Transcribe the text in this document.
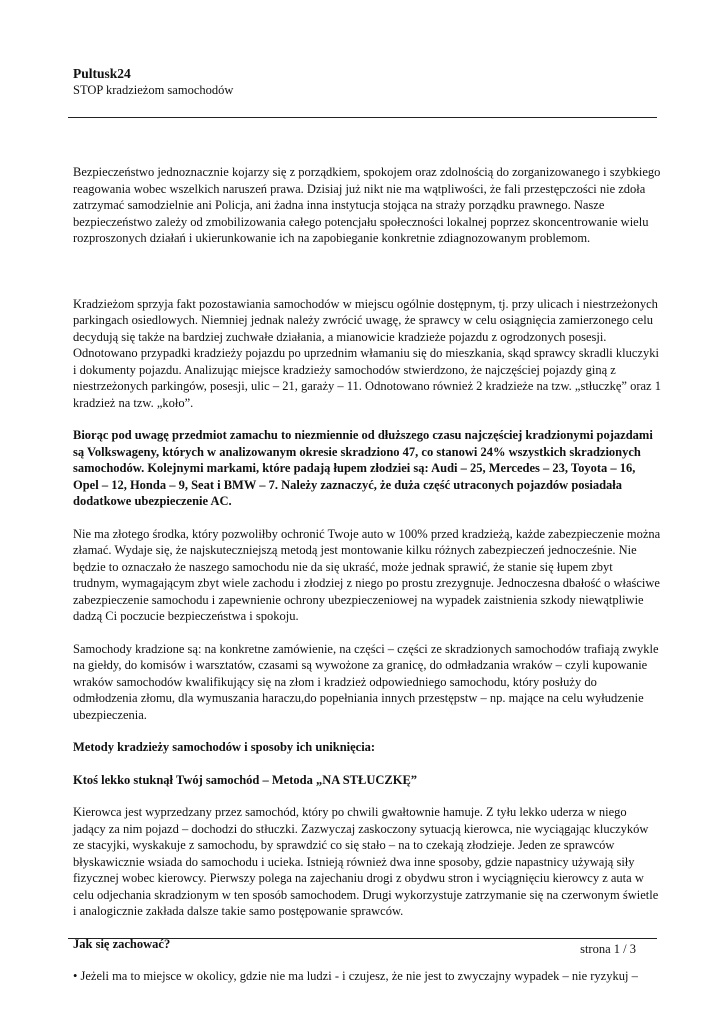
Pultusk24
STOP kradzieżom samochodów

Bezpieczeństwo jednoznacznie kojarzy się z porządkiem, spokojem oraz zdolnością do zorganizowanego i szybkiego reagowania wobec wszelkich naruszeń prawa. Dzisiaj już nikt nie ma wątpliwości, że fali przestępczości nie zdoła zatrzymać samodzielnie ani Policja, ani żadna inna instytucja stojąca na straży porządku prawnego. Nasze bezpieczeństwo zależy od zmobilizowania całego potencjału społeczności lokalnej poprzez skoncentrowanie wielu rozproszonych działań i ukierunkowanie ich na zapobieganie konkretnie zdiagnozowanym problemom.

Kradzieżom sprzyja fakt pozostawiania samochodów w miejscu ogólnie dostępnym, tj. przy ulicach i niestrzeżonych parkingach osiedlowych. Niemniej jednak należy zwrócić uwagę, że sprawcy w celu osiągnięcia zamierzonego celu decydują się także na bardziej zuchwałe działania, a mianowicie kradzieże pojazdu z ogrodzonych posesji. Odnotowano przypadki kradzieży pojazdu po uprzednim włamaniu się do mieszkania, skąd sprawcy skradli kluczyki i dokumenty pojazdu. Analizując miejsce kradzieży samochodów stwierdzono, że najczęściej pojazdy giną z niestrzeżonych parkingów, posesji, ulic – 21, garaży – 11. Odnotowano również 2 kradzieże na tzw. „stłuczkę” oraz 1 kradzież na tzw. „koło”.

Biorąc pod uwagę przedmiot zamachu to niezmiennie od dłuższego czasu najczęściej kradzionymi pojazdami są Volkswageny, których w analizowanym okresie skradziono 47, co stanowi 24% wszystkich skradzionych samochodów. Kolejnymi markami, które padają łupem złodziei są: Audi – 25, Mercedes – 23, Toyota – 16, Opel – 12, Honda – 9, Seat i BMW – 7. Należy zaznaczyć, że duża część utraconych pojazdów posiadała dodatkowe ubezpieczenie AC.

Nie ma złotego środka, który pozwoliłby ochronić Twoje auto w 100% przed kradzieżą, każde zabezpieczenie można złamać. Wydaje się, że najskuteczniejszą metodą jest montowanie kilku różnych zabezpieczeń jednocześnie. Nie będzie to oznaczało że naszego samochodu nie da się ukraść, może jednak sprawić, że stanie się łupem zbyt trudnym, wymagającym zbyt wiele zachodu i złodziej z niego po prostu zrezygnuje. Jednoczesna dbałość o właściwe zabezpieczenie samochodu i zapewnienie ochrony ubezpieczeniowej na wypadek zaistnienia szkody niewątpliwie dadzą Ci poczucie bezpieczeństwa i spokoju.

Samochody kradzione są: na konkretne zamówienie, na części – części ze skradzionych samochodów trafiają zwykle na giełdy, do komisów i warsztatów, czasami są wywożone za granicę, do odmładzania wraków – czyli kupowanie wraków samochodów kwalifikujący się na złom i kradzież odpowiedniego samochodu, który posłuży do odmłodzenia złomu, dla wymuszania haraczu,do popełniania innych przestępstw – np. mające na celu wyłudzenie ubezpieczenia.

Metody kradzieży samochodów i sposoby ich uniknięcia:
Ktoś lekko stuknął Twój samochód – Metoda „NA STŁUCZKĘ”

Kierowca jest wyprzedzany przez samochód, który po chwili gwałtownie hamuje. Z tyłu lekko uderza w niego jadący za nim pojazd – dochodzi do stłuczki. Zazwyczaj zaskoczony sytuacją kierowca, nie wyciągając kluczyków ze stacyjki, wyskakuje z samochodu, by sprawdzić co się stało – na to czekają złodzieje. Jeden ze sprawców błyskawicznie wsiada do samochodu i ucieka. Istnieją również dwa inne sposoby, gdzie napastnicy używają siły fizycznej wobec kierowcy. Pierwszy polega na zajechaniu drogi z obydwu stron i wyciągnięciu kierowcy z auta w celu odjechania skradzionym w ten sposób samochodem. Drugi wykorzystuje zatrzymanie się na czerwonym świetle i analogicznie zakłada dalsze takie samo postępowanie sprawców.

Jak się zachować?

• Jeżeli ma to miejsce w okolicy, gdzie nie ma ludzi - i czujesz, że nie jest to zwyczajny wypadek – nie ryzykuj –

strona 1 / 3
